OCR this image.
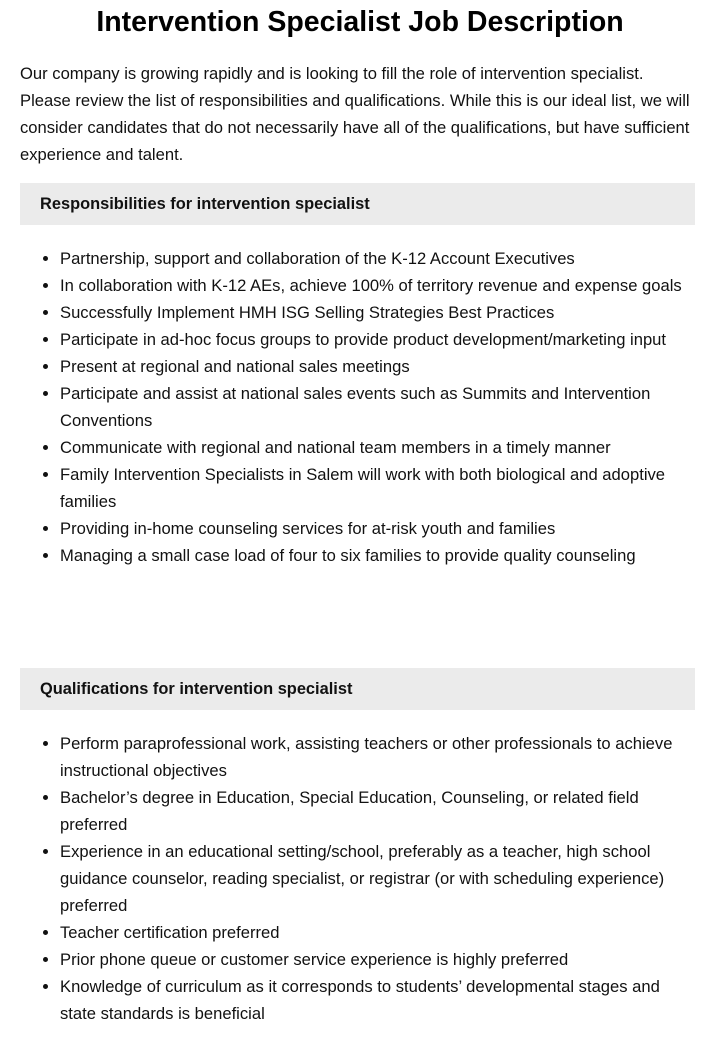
Intervention Specialist Job Description

Our company is growing rapidly and is looking to fill the role of intervention specialist. Please review the list of responsibilities and qualifications. While this is our ideal list, we will consider candidates that do not necessarily have all of the qualifications, but have sufficient experience and talent.

Responsibilities for intervention specialist
• Partnership, support and collaboration of the K-12 Account Executives
• In collaboration with K-12 AEs, achieve 100% of territory revenue and expense goals
• Successfully Implement HMH ISG Selling Strategies Best Practices
• Participate in ad-hoc focus groups to provide product development/marketing input
• Present at regional and national sales meetings
• Participate and assist at national sales events such as Summits and Intervention Conventions
• Communicate with regional and national team members in a timely manner
• Family Intervention Specialists in Salem will work with both biological and adoptive families
• Providing in-home counseling services for at-risk youth and families
• Managing a small case load of four to six families to provide quality counseling
Qualifications for intervention specialist
• Perform paraprofessional work, assisting teachers or other professionals to achieve instructional objectives
• Bachelor’s degree in Education, Special Education, Counseling, or related field preferred
• Experience in an educational setting/school, preferably as a teacher, high school guidance counselor, reading specialist, or registrar (or with scheduling experience) preferred
• Teacher certification preferred
• Prior phone queue or customer service experience is highly preferred
• Knowledge of curriculum as it corresponds to students’ developmental stages and state standards is beneficial
